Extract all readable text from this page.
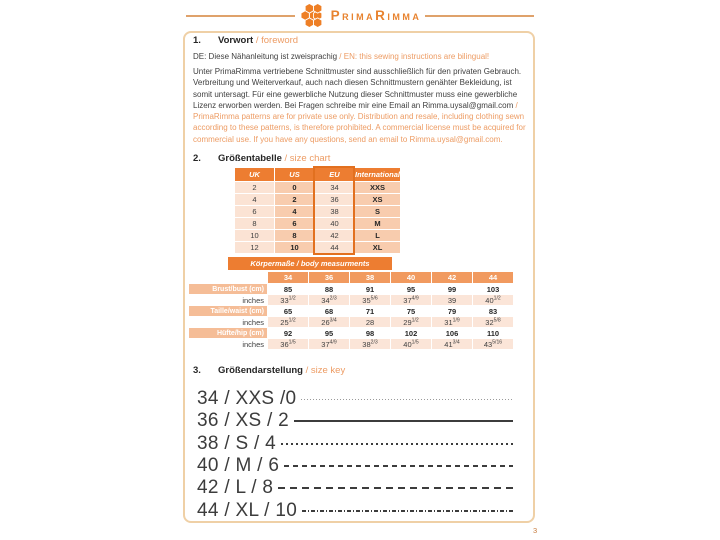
PrimaRimma
3
1. Vorwort / foreword
DE: Diese Nähanleitung ist zweisprachig / EN: this sewing instructions are bilingual!
Unter PrimaRimma vertriebene Schnittmuster sind ausschließlich für den privaten Gebrauch. Verbreitung und Weiterverkauf, auch nach diesen Schnittmustern genähter Bekleidung, ist somit untersagt. Für eine gewerbliche Nutzung dieser Schnittmuster muss eine gewerbliche Lizenz erworben werden. Bei Fragen schreibe mir eine Email an Rimma.uysal@gmail.com / PrimaRimma patterns are for private use only. Distribution and resale, including clothing sewn according to these patterns, is therefore prohibited. A commercial license must be acquired for commercial use. If you have any questions, send an email to Rimma.uysal@gmail.com.
2. Größentabelle / size chart
UK	US	EU	International
2	0	34	XXS
4	2	36	XS
6	4	38	S
8	6	40	M
10	8	42	L
12	10	44	XL
Körpermaße / body measurments
	34	36	38	40	42	44
Brust/bust (cm)	85	88	91	95	99	103
inches	$33^{1/2}$	$34^{2/3}$	$35^{5/6}$	$37^{4/9}$	39	$40^{1/2}$
Taille/waist (cm)	65	68	71	75	79	83
inches	$25^{1/2}$	$26^{3/4}$	28	$29^{1/2}$	$31^{1/9}$	$32^{5/8}$
Hüfte/hip (cm)	92	95	98	102	106	110
inches	$36^{1/5}$	$37^{4/9}$	$38^{2/3}$	$40^{1/5}$	$41^{3/4}$	$43^{5/16}$
3. Größendarstellung / size key
34 / XXS /0
36 / XS / 2
38 / S / 4
40 / M / 6
42 / L / 8
44 / XL / 10
